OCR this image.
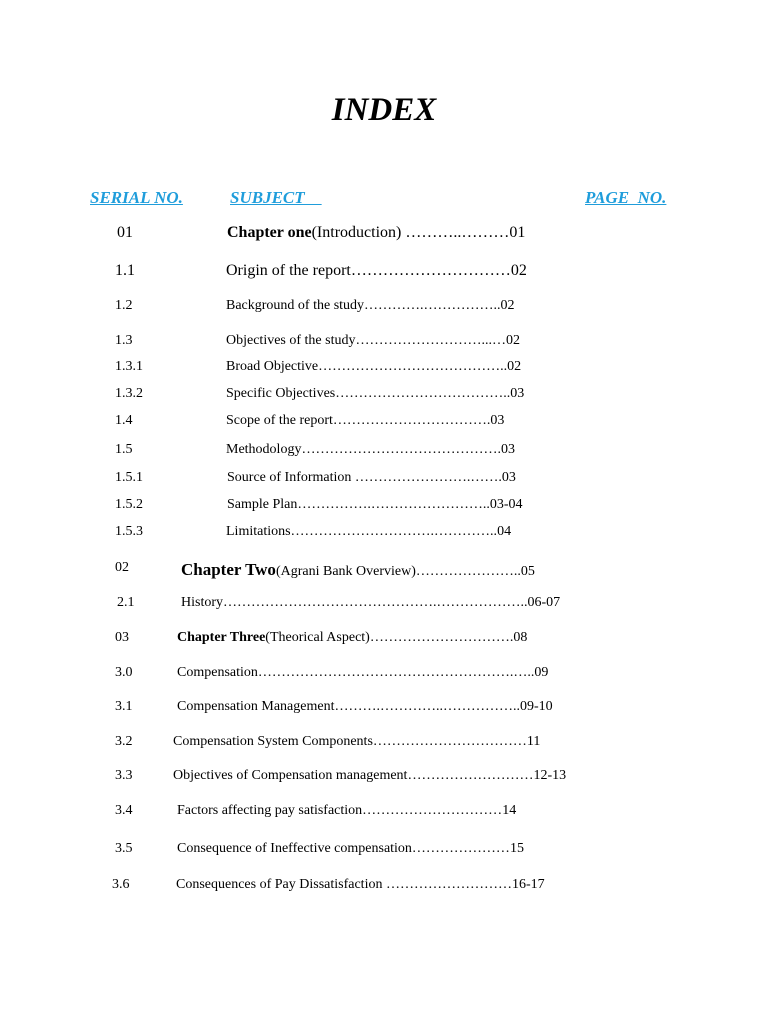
INDEX
SERIAL NO.	SUBJECT	PAGE  NO.
01	Chapter one(Introduction) ………..………01
1.1	Origin of the report…………………………02
1.2	Background of the study………….……………..02
1.3	Objectives of the study………………………...…02
1.3.1	Broad Objective…………………………………..02
1.3.2	Specific Objectives………………………………..03
1.4	Scope of the report…………………………….03
1.5	Methodology…………………………………….03
1.5.1	Source of Information …………………….…….03
1.5.2	Sample Plan…………….……………………..03-04
1.5.3	Limitations………………………….…………..04
02	Chapter Two(Agrani Bank Overview)…………………..05
2.1	History……………………………………….………………..06-07
03	Chapter Three(Theorical Aspect)………………………….08
3.0	Compensation……………………………………………….…..09
3.1	Compensation Management……….…………..……………..09-10
3.2	Compensation System Components……………………………11
3.3	Objectives of Compensation management………………………12-13
3.4	Factors affecting pay satisfaction…………………………14
3.5	Consequence of Ineffective compensation…………………15
3.6	Consequences of Pay Dissatisfaction ………………………16-17
